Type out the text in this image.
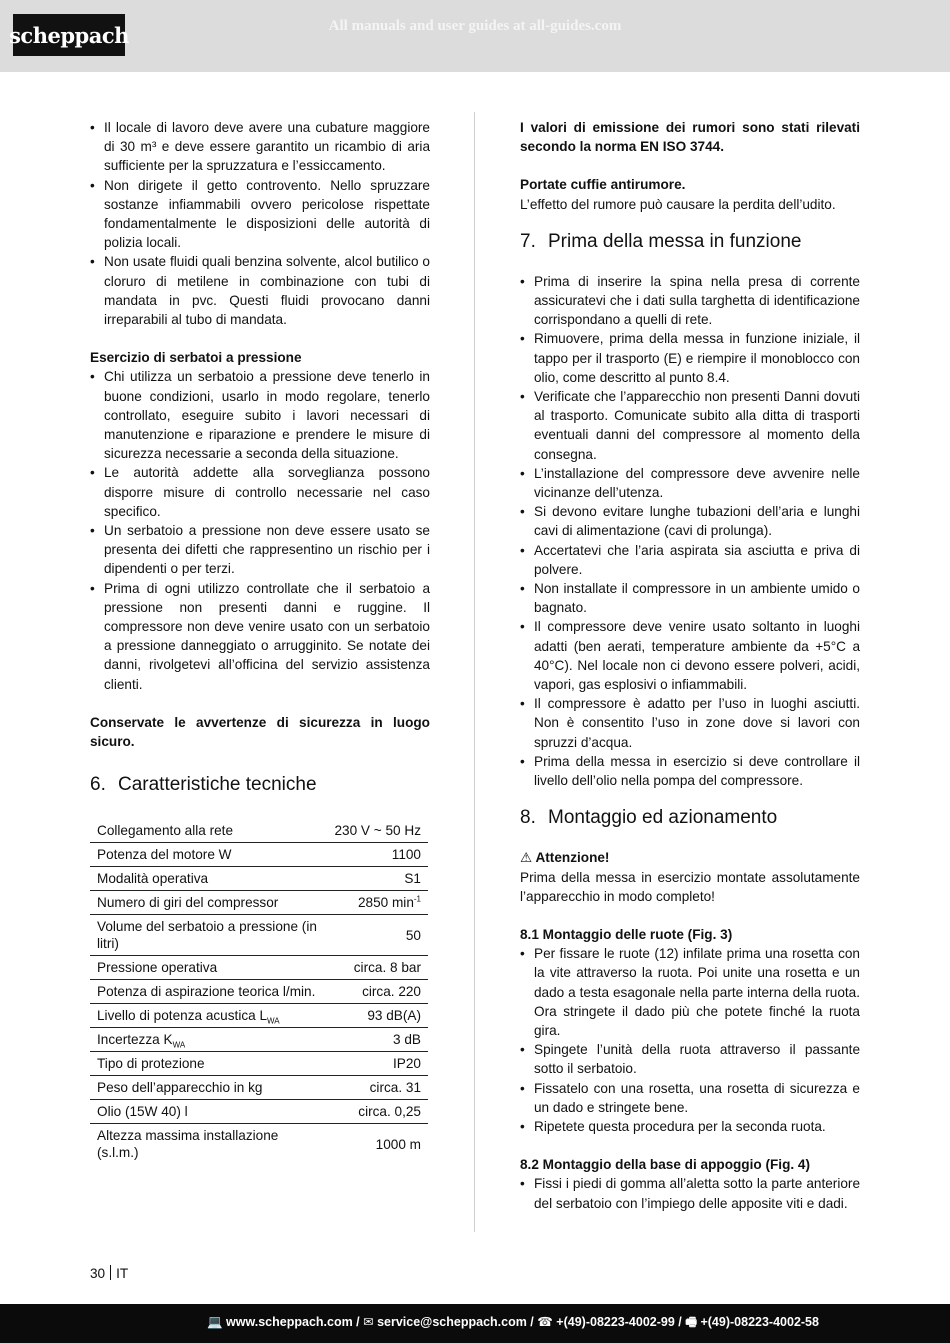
scheppach	All manuals and user guides at all-guides.com
• Il locale di lavoro deve avere una cubature maggiore di 30 m³ e deve essere garantito un ricambio di aria sufficiente per la spruzzatura e l’essiccamento.
• Non dirigete il getto controvento. Nello spruzzare sostanze infiammabili ovvero pericolose rispettate fondamentalmente le disposizioni delle autorità di polizia locali.
• Non usate fluidi quali benzina solvente, alcol butilico o cloruro di metilene in combinazione con tubi di mandata in pvc. Questi fluidi provocano danni irreparabili al tubo di mandata.

Esercizio di serbatoi a pressione

• Chi utilizza un serbatoio a pressione deve tenerlo in buone condizioni, usarlo in modo regolare, tenerlo controllato, eseguire subito i lavori necessari di manutenzione e riparazione e prendere le misure di sicurezza necessarie a seconda della situazione.
• Le autorità addette alla sorveglianza possono disporre misure di controllo necessarie nel caso specifico.
• Un serbatoio a pressione non deve essere usato se presenta dei difetti che rappresentino un rischio per i dipendenti o per terzi.
• Prima di ogni utilizzo controllate che il serbatoio a pressione non presenti danni e ruggine. Il compressore non deve venire usato con un serbatoio a pressione danneggiato o arrugginito. Se notate dei danni, rivolgetevi all’officina del servizio assistenza clienti.

Conservate le avvertenze di sicurezza in luogo sicuro.

6. Caratteristiche tecniche
Collegamento alla rete	230 V ~ 50 Hz
Potenza del motore W	1100
Modalità operativa	S1
Numero di giri del compressor	2850 $\min^{-1}$
Volume del serbatoio a pressione (in litri)	50
Pressione operativa	circa. 8 bar
Potenza di aspirazione teorica l/min.	circa. 220
Livello di potenza acustica $L_{WA}$	93 dB(A)
Incertezza $K_{WA}$	3 dB
Tipo di protezione	IP20
Peso dell’apparecchio in kg	circa. 31
Olio (15W 40) l	circa. 0,25
Altezza massima installazione (s.l.m.)	1000 m

I valori di emissione dei rumori sono stati rilevati secondo la norma EN ISO 3744.

Portate cuffie antirumore.

L’effetto del rumore può causare la perdita dell’udito.

7. Prima della messa in funzione
• Prima di inserire la spina nella presa di corrente assicuratevi che i dati sulla targhetta di identificazione corrispondano a quelli di rete.
• Rimuovere, prima della messa in funzione iniziale, il tappo per il trasporto (E) e riempire il monoblocco con olio, come descritto al punto 8.4.
• Verificate che l’apparecchio non presenti Danni dovuti al trasporto. Comunicate subito alla ditta di trasporti eventuali danni del compressore al momento della consegna.
• L’installazione del compressore deve avvenire nelle vicinanze dell’utenza.
• Si devono evitare lunghe tubazioni dell’aria e lunghi cavi di alimentazione (cavi di prolunga).
• Accertatevi che l’aria aspirata sia asciutta e priva di polvere.
• Non installate il compressore in un ambiente umido o bagnato.
• Il compressore deve venire usato soltanto in luoghi adatti (ben aerati, temperature ambiente da +5°C a 40°C). Nel locale non ci devono essere polveri, acidi, vapori, gas esplosivi o infiammabili.
• Il compressore è adatto per l’uso in luoghi asciutti. Non è consentito l’uso in zone dove si lavori con spruzzi d’acqua.
• Prima della messa in esercizio si deve controllare il livello dell’olio nella pompa del compressore.
8. Montaggio ed azionamento

⚠ Attenzione!

Prima della messa in esercizio montate assolutamente l’apparecchio in modo completo!

8.1 Montaggio delle ruote (Fig. 3)

• Per fissare le ruote (12) infilate prima una rosetta con la vite attraverso la ruota. Poi unite una rosetta e un dado a testa esagonale nella parte interna della ruota. Ora stringete il dado più che potete finché la ruota gira.
• Spingete l’unità della ruota attraverso il passante sotto il serbatoio.
• Fissatelo con una rosetta, una rosetta di sicurezza e un dado e stringete bene.
• Ripetete questa procedura per la seconda ruota.

8.2 Montaggio della base di appoggio (Fig. 4)

• Fissi i piedi di gomma all’aletta sotto la parte anteriore del serbatoio con l’impiego delle apposite viti e dadi.
30 IT
💻 www.scheppach.com / ✉ service@scheppach.com / ☎ +(49)-08223-4002-99 / 🖷 +(49)-08223-4002-58
